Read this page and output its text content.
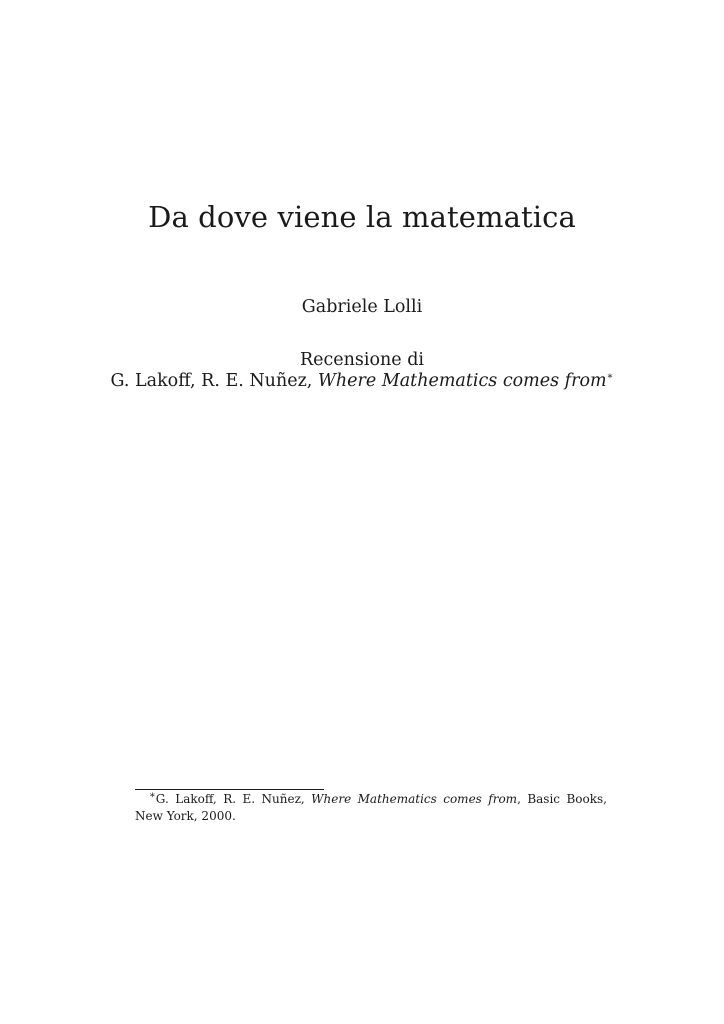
Da dove viene la matematica
Gabriele Lolli
Recensione di
G. Lakoff, R. E. Nuñez, Where Mathematics comes from∗
∗G. Lakoff, R. E. Nuñez, Where Mathematics comes from, Basic Books, New York, 2000.
